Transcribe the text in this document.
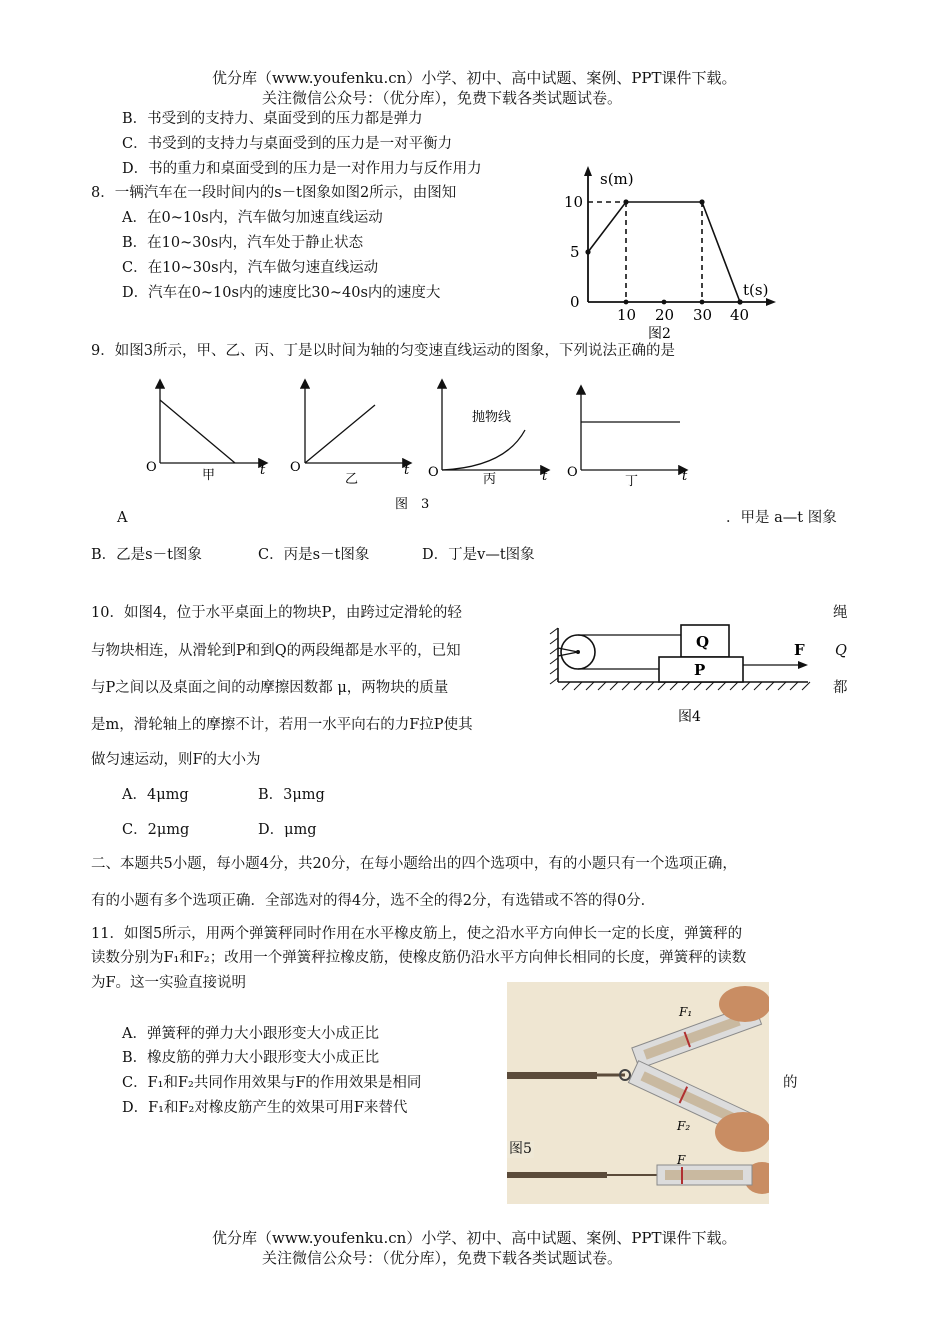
优分库（www.youfenku.cn）小学、初中、高中试题、案例、PPT课件下载。
关注微信公众号：（优分库），免费下载各类试题试卷。
B．书受到的支持力、桌面受到的压力都是弹力
C．书受到的支持力与桌面受到的压力是一对平衡力
D．书的重力和桌面受到的压力是一对作用力与反作用力
8．一辆汽车在一段时间内的s－t图象如图2所示，由图知
A．在0~10s内，汽车做匀加速直线运动
B．在10~30s内，汽车处于静止状态
C．在10~30s内，汽车做匀速直线运动
D．汽车在0~10s内的速度比30~40s内的速度大
s(m)
t(s)
10
5
0
10 20 30 40
图2
9．如图3所示，甲、乙、丙、丁是以时间为轴的匀变速直线运动的图象，下列说法正确的是
O	t
甲
O	t
乙
抛物线
O	t
丙	O	t
丁
图　3
A	．甲是 a—t 图象
B．乙是s－t图象	C．丙是s－t图象	D．丁是v—t图象
10．如图4，位于水平桌面上的物块P，由跨过定滑轮的轻	绳
与物块相连，从滑轮到P和到Q的两段绳都是水平的，已知	Q
与P之间以及桌面之间的动摩擦因数都 μ，两物块的质量	都
是m，滑轮轴上的摩擦不计，若用一水平向右的力F拉P使其
做匀速运动，则F的大小为
A．4μmg	B．3μmg
C．2μmg	D．μmg
Q
P
F
图4
二、本题共5小题，每小题4分，共20分，在每小题给出的四个选项中，有的小题只有一个选项正确，
有的小题有多个选项正确．全部选对的得4分，选不全的得2分，有选错或不答的得0分．
11．如图5所示，用两个弹簧秤同时作用在水平橡皮筋上，使之沿水平方向伸长一定的长度，弹簧秤的
读数分别为F₁和F₂；改用一个弹簧秤拉橡皮筋，使橡皮筋仍沿水平方向伸长相同的长度，弹簧秤的读数
为F。这一实验直接说明
A．弹簧秤的弹力大小跟形变大小成正比
B．橡皮筋的弹力大小跟形变大小成正比
C．F₁和F₂共同作用效果与F的作用效果是相同	的
D．F₁和F₂对橡皮筋产生的效果可用F来替代
F₁
F₂
F
图5
优分库（www.youfenku.cn）小学、初中、高中试题、案例、PPT课件下载。
关注微信公众号：（优分库），免费下载各类试题试卷。
